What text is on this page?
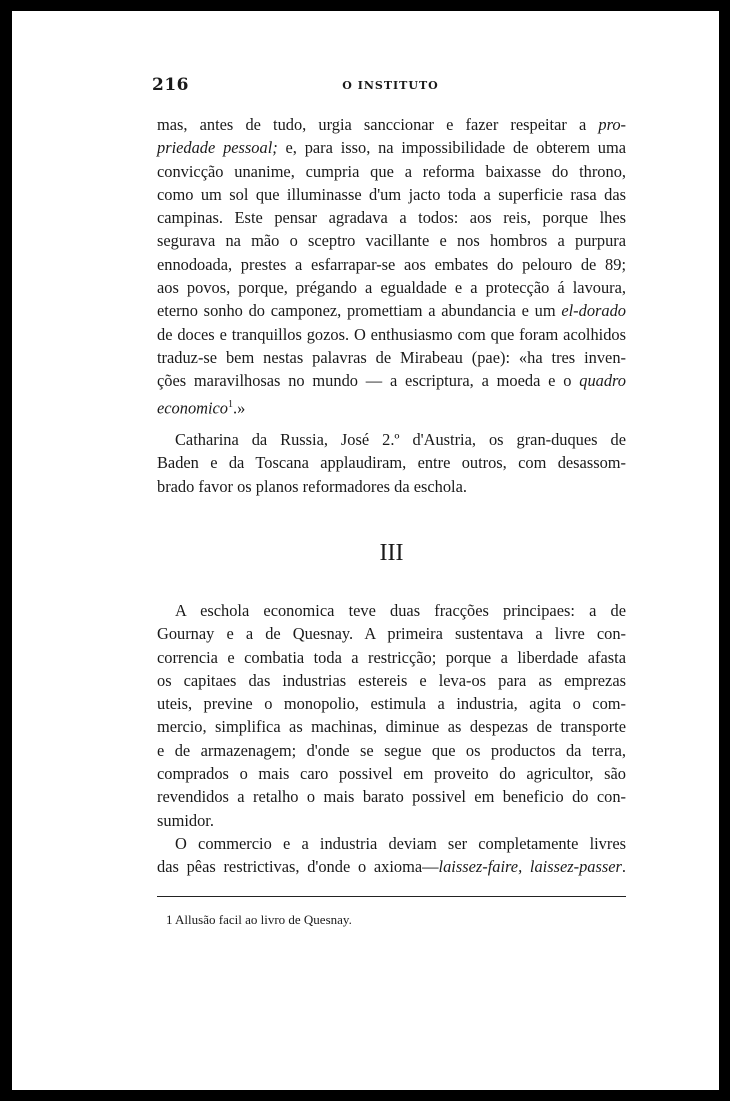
216	O INSTITUTO
mas, antes de tudo, urgia sanccionar e fazer respeitar a pro-
priedade pessoal; e, para isso, na impossibilidade de obterem uma
convicção unanime, cumpria que a reforma baixasse do throno,
como um sol que illuminasse d'um jacto toda a superficie rasa das
campinas. Este pensar agradava a todos: aos reis, porque lhes
segurava na mão o sceptro vacillante e nos hombros a purpura
ennodoada, prestes a esfarrapar-se aos embates do pelouro de 89;
aos povos, porque, prégando a egualdade e a protecção á lavoura,
eterno sonho do camponez, promettiam a abundancia e um el-dorado
de doces e tranquillos gozos. O enthusiasmo com que foram acolhidos
traduz-se bem nestas palavras de Mirabeau (pae): «ha tres inven-
ções maravilhosas no mundo — a escriptura, a moeda e o quadro
economico$^1$.»
Catharina da Russia, José 2.º d'Austria, os gran-duques de
Baden e da Toscana applaudiram, entre outros, com desassom-
brado favor os planos reformadores da eschola.
III
A eschola economica teve duas fracções principaes: a de
Gournay e a de Quesnay. A primeira sustentava a livre con-
correncia e combatia toda a restricção; porque a liberdade afasta
os capitaes das industrias estereis e leva-os para as emprezas
uteis, previne o monopolio, estimula a industria, agita o com-
mercio, simplifica as machinas, diminue as despezas de transporte
e de armazenagem; d'onde se segue que os productos da terra,
comprados o mais caro possivel em proveito do agricultor, são
revendidos a retalho o mais barato possivel em beneficio do con-
sumidor.
O commercio e a industria deviam ser completamente livres
das pêas restrictivas, d'onde o axioma—laissez-faire, laissez-passer.
1 Allusão facil ao livro de Quesnay.
